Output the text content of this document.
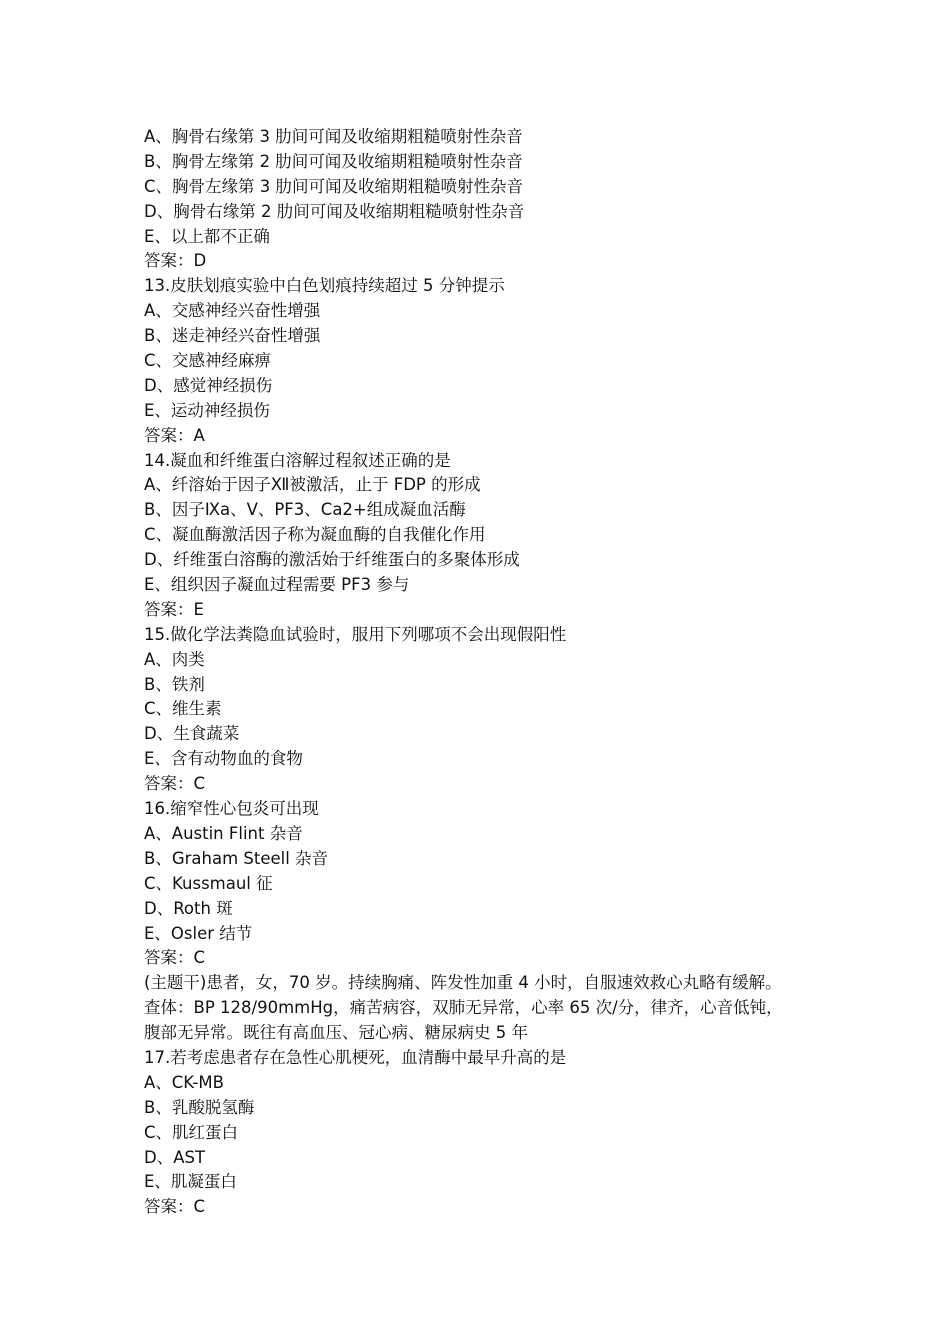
A、胸骨右缘第 3 肋间可闻及收缩期粗糙喷射性杂音
B、胸骨左缘第 2 肋间可闻及收缩期粗糙喷射性杂音
C、胸骨左缘第 3 肋间可闻及收缩期粗糙喷射性杂音
D、胸骨右缘第 2 肋间可闻及收缩期粗糙喷射性杂音
E、以上都不正确
答案：D
13.皮肤划痕实验中白色划痕持续超过 5 分钟提示
A、交感神经兴奋性增强
B、迷走神经兴奋性增强
C、交感神经麻痹
D、感觉神经损伤
E、运动神经损伤
答案：A
14.凝血和纤维蛋白溶解过程叙述正确的是
A、纤溶始于因子Ⅻ被激活，止于 FDP 的形成
B、因子Ⅸa、Ⅴ、PF3、Ca2+组成凝血活酶
C、凝血酶激活因子称为凝血酶的自我催化作用
D、纤维蛋白溶酶的激活始于纤维蛋白的多聚体形成
E、组织因子凝血过程需要 PF3 参与
答案：E
15.做化学法粪隐血试验时，服用下列哪项不会出现假阳性
A、肉类
B、铁剂
C、维生素
D、生食蔬菜
E、含有动物血的食物
答案：C
16.缩窄性心包炎可出现
A、Austin Flint 杂音
B、Graham Steell 杂音
C、Kussmaul 征
D、Roth 斑
E、Osler 结节
答案：C
(主题干)患者，女，70 岁。持续胸痛、阵发性加重 4 小时，自服速效救心丸略有缓解。
查体：BP 128/90mmHg，痛苦病容，双肺无异常，心率 65 次/分，律齐，心音低钝，
腹部无异常。既往有高血压、冠心病、糖尿病史 5 年
17.若考虑患者存在急性心肌梗死，血清酶中最早升高的是
A、CK-MB
B、乳酸脱氢酶
C、肌红蛋白
D、AST
E、肌凝蛋白
答案：C
